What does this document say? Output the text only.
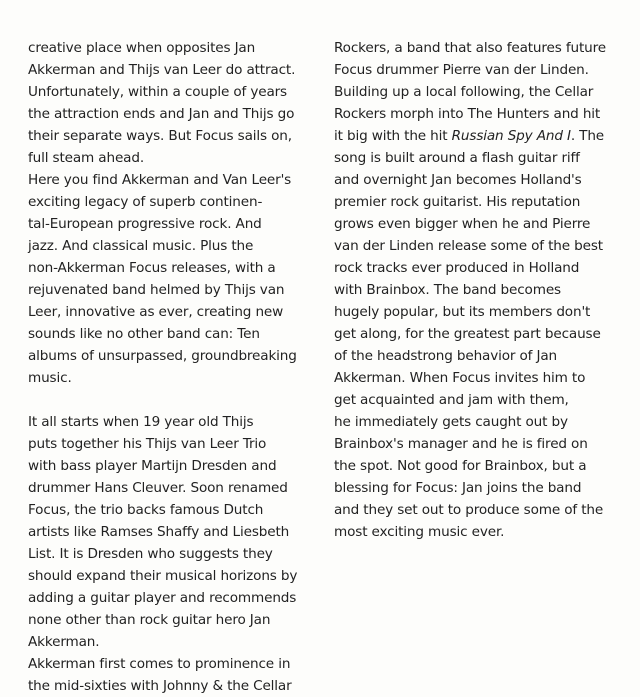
creative place when opposites Jan
Akkerman and Thijs van Leer do attract.
Unfortunately, within a couple of years
the attraction ends and Jan and Thijs go
their separate ways. But Focus sails on,
full steam ahead.
Here you find Akkerman and Van Leer's
exciting legacy of superb continen-
tal-European progressive rock. And
jazz. And classical music. Plus the
non-Akkerman Focus releases, with a
rejuvenated band helmed by Thijs van
Leer, innovative as ever, creating new
sounds like no other band can: Ten
albums of unsurpassed, groundbreaking
music.
It all starts when 19 year old Thijs
puts together his Thijs van Leer Trio
with bass player Martijn Dresden and
drummer Hans Cleuver. Soon renamed
Focus, the trio backs famous Dutch
artists like Ramses Shaffy and Liesbeth
List. It is Dresden who suggests they
should expand their musical horizons by
adding a guitar player and recommends
none other than rock guitar hero Jan
Akkerman.
Akkerman first comes to prominence in
the mid-sixties with Johnny & the Cellar
Rockers, a band that also features future
Focus drummer Pierre van der Linden.
Building up a local following, the Cellar
Rockers morph into The Hunters and hit
it big with the hit Russian Spy And I. The
song is built around a flash guitar riff
and overnight Jan becomes Holland's
premier rock guitarist. His reputation
grows even bigger when he and Pierre
van der Linden release some of the best
rock tracks ever produced in Holland
with Brainbox. The band becomes
hugely popular, but its members don't
get along, for the greatest part because
of the headstrong behavior of Jan
Akkerman. When Focus invites him to
get acquainted and jam with them,
he immediately gets caught out by
Brainbox's manager and he is fired on
the spot. Not good for Brainbox, but a
blessing for Focus: Jan joins the band
and they set out to produce some of the
most exciting music ever.
